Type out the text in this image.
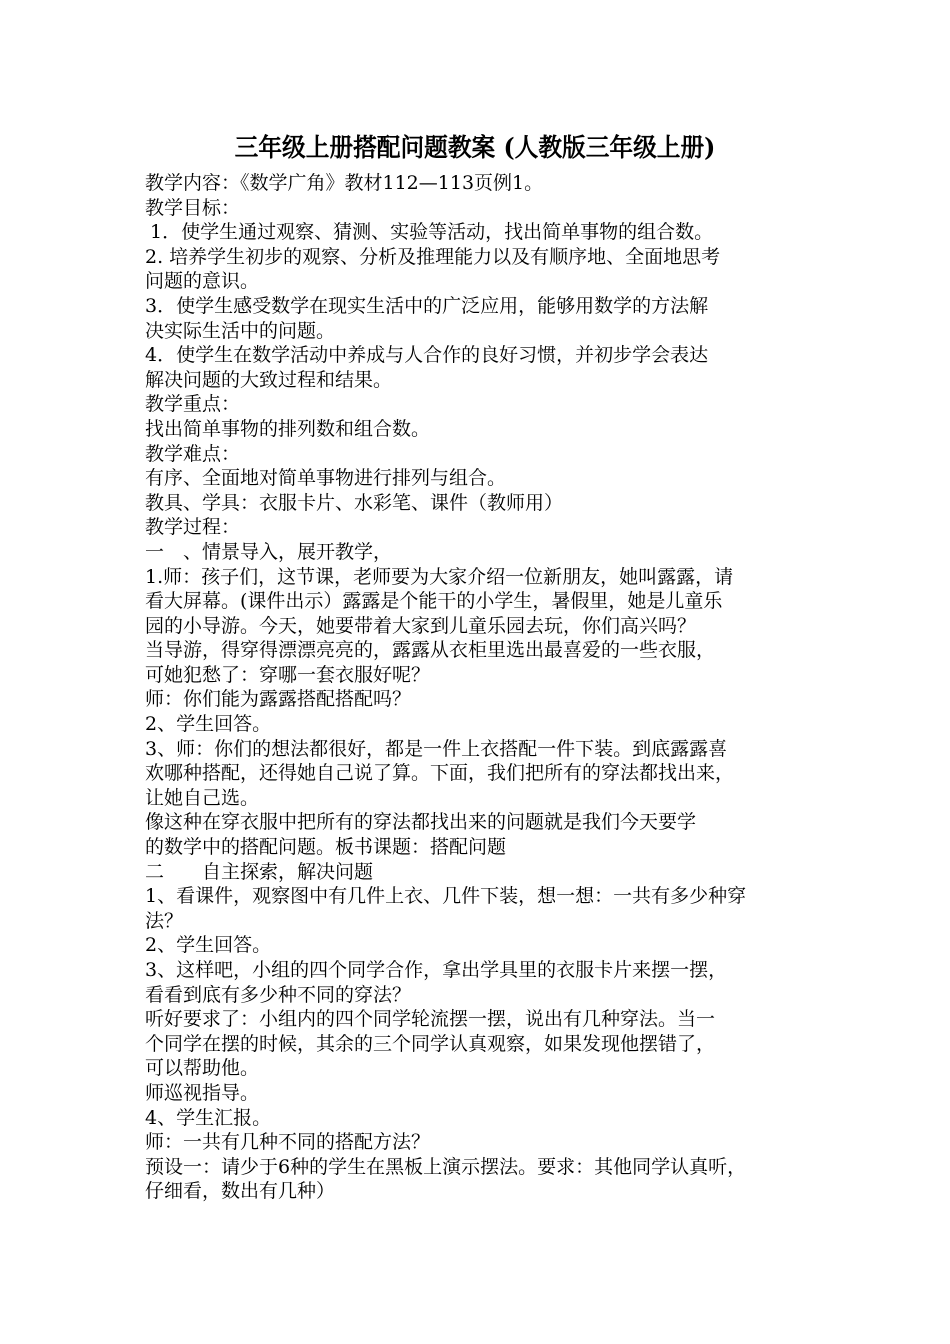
三年级上册搭配问题教案 (人教版三年级上册)
教学内容：《数学广角》教材112—113页例1。
教学目标：
1．使学生通过观察、猜测、实验等活动，找出简单事物的组合数。
2. 培养学生初步的观察、分析及推理能力以及有顺序地、全面地思考
问题的意识。
3．使学生感受数学在现实生活中的广泛应用，能够用数学的方法解
决实际生活中的问题。
4．使学生在数学活动中养成与人合作的良好习惯，并初步学会表达
解决问题的大致过程和结果。
教学重点：
找出简单事物的排列数和组合数。
教学难点：
有序、全面地对简单事物进行排列与组合。
教具、学具：衣服卡片、水彩笔、课件（教师用）
教学过程：
一　、情景导入，展开教学，
1.师：孩子们，这节课，老师要为大家介绍一位新朋友，她叫露露，请
看大屏幕。(课件出示）露露是个能干的小学生，暑假里，她是儿童乐
园的小导游。今天，她要带着大家到儿童乐园去玩，你们高兴吗？
当导游，得穿得漂漂亮亮的，露露从衣柜里选出最喜爱的一些衣服，
可她犯愁了：穿哪一套衣服好呢？
师：你们能为露露搭配搭配吗？
2、学生回答。
3、师：你们的想法都很好，都是一件上衣搭配一件下装。到底露露喜
欢哪种搭配，还得她自己说了算。下面，我们把所有的穿法都找出来，
让她自己选。
像这种在穿衣服中把所有的穿法都找出来的问题就是我们今天要学
的数学中的搭配问题。板书课题：搭配问题
二　　自主探索，解决问题
1、看课件，观察图中有几件上衣、几件下装，想一想：一共有多少种穿
法？
2、学生回答。
3、这样吧，小组的四个同学合作，拿出学具里的衣服卡片来摆一摆，
看看到底有多少种不同的穿法？
听好要求了：小组内的四个同学轮流摆一摆，说出有几种穿法。当一
个同学在摆的时候，其余的三个同学认真观察，如果发现他摆错了，
可以帮助他。
师巡视指导。
4、学生汇报。
师：一共有几种不同的搭配方法？
预设一：请少于6种的学生在黑板上演示摆法。要求：其他同学认真听，
仔细看，数出有几种）
